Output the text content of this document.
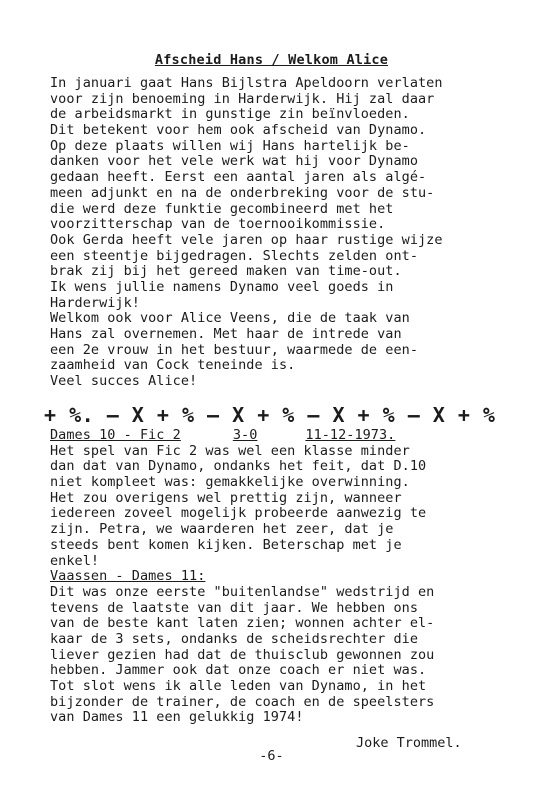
Afscheid Hans / Welkom Alice
In januari gaat Hans Bijlstra Apeldoorn verlaten
voor zijn benoeming in Harderwijk. Hij zal daar
de arbeidsmarkt in gunstige zin beïnvloeden.
Dit betekent voor hem ook afscheid van Dynamo.
Op deze plaats willen wij Hans hartelijk be-
danken voor het vele werk wat hij voor Dynamo
gedaan heeft. Eerst een aantal jaren als algé-
meen adjunkt en na de onderbreking voor de stu-
die werd deze funktie gecombineerd met het
voorzitterschap van de toernooikommissie.
Ook Gerda heeft vele jaren op haar rustige wijze
een steentje bijgedragen. Slechts zelden ont-
brak zij bij het gereed maken van time-out.
Ik wens jullie namens Dynamo veel goeds in
Harderwijk!
Welkom ook voor Alice Veens, die de taak van
Hans zal overnemen. Met haar de intrede van
een 2e vrouw in het bestuur, waarmede de een-
zaamheid van Cock teneinde is.
Veel succes Alice!
+ %. – X + % – X + % – X + % – X + %
Dames 10 - Fic 2	3-0	11-12-1973.
Het spel van Fic 2 was wel een klasse minder
dan dat van Dynamo, ondanks het feit, dat D.10
niet kompleet was: gemakkelijke overwinning.
Het zou overigens wel prettig zijn, wanneer
iedereen zoveel mogelijk probeerde aanwezig te
zijn. Petra, we waarderen het zeer, dat je
steeds bent komen kijken. Beterschap met je
enkel!
Vaassen - Dames 11:
Dit was onze eerste "buitenlandse" wedstrijd en
tevens de laatste van dit jaar. We hebben ons
van de beste kant laten zien; wonnen achter el-
kaar de 3 sets, ondanks de scheidsrechter die
liever gezien had dat de thuisclub gewonnen zou
hebben. Jammer ook dat onze coach er niet was.
Tot slot wens ik alle leden van Dynamo, in het
bijzonder de trainer, de coach en de speelsters
van Dames 11 een gelukkig 1974!
Joke Trommel.
-6-
